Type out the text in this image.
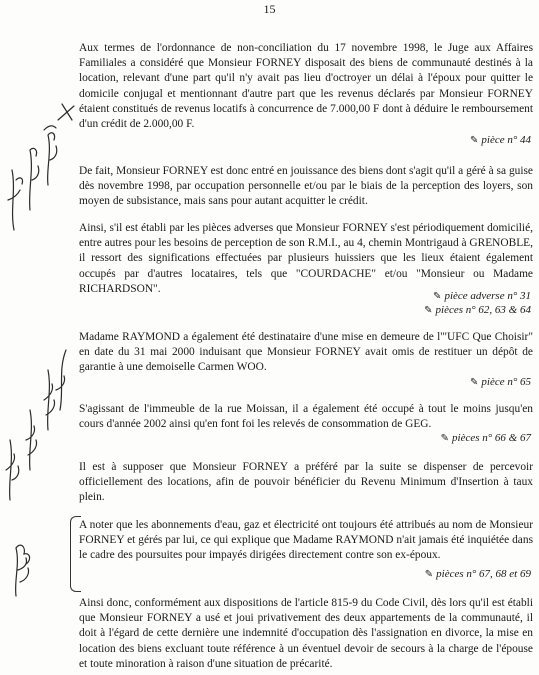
15
Aux termes de l'ordonnance de non-conciliation du 17 novembre 1998, le Juge aux Affaires Familiales a considéré que Monsieur FORNEY disposait des biens de communauté destinés à la location, relevant d'une part qu'il n'y avait pas lieu d'octroyer un délai à l'époux pour quitter le domicile conjugal et mentionnant d'autre part que les revenus déclarés par Monsieur FORNEY étaient constitués de revenus locatifs à concurrence de 7.000,00 F dont à déduire le remboursement d'un crédit de 2.000,00 F.
✎ pièce n° 44
De fait, Monsieur FORNEY est donc entré en jouissance des biens dont s'agit qu'il a géré à sa guise dès novembre 1998, par occupation personnelle et/ou par le biais de la perception des loyers, son moyen de subsistance, mais sans pour autant acquitter le crédit.
Ainsi, s'il est établi par les pièces adverses que Monsieur FORNEY s'est périodiquement domicilié, entre autres pour les besoins de perception de son R.M.I., au 4, chemin Montrigaud à GRENOBLE, il ressort des significations effectuées par plusieurs huissiers que les lieux étaient également occupés par d'autres locataires, tels que "COURDACHE" et/ou "Monsieur ou Madame RICHARDSON".
✎ pièce adverse n° 31
✎ pièces n° 62, 63 & 64
Madame RAYMOND a également été destinataire d'une mise en demeure de l'"UFC Que Choisir" en date du 31 mai 2000 induisant que Monsieur FORNEY avait omis de restituer un dépôt de garantie à une demoiselle Carmen WOO.
✎ pièce n° 65
S'agissant de l'immeuble de la rue Moissan, il a également été occupé à tout le moins jusqu'en cours d'année 2002 ainsi qu'en font foi les relevés de consommation de GEG.
✎ pièces n° 66 & 67
Il est à supposer que Monsieur FORNEY a préféré par la suite se dispenser de percevoir officiellement des locations, afin de pouvoir bénéficier du Revenu Minimum d'Insertion à taux plein.
A noter que les abonnements d'eau, gaz et électricité ont toujours été attribués au nom de Monsieur FORNEY et gérés par lui, ce qui explique que Madame RAYMOND n'ait jamais été inquiétée dans le cadre des poursuites pour impayés dirigées directement contre son ex-époux.
✎ pièces n° 67, 68 et 69
Ainsi donc, conformément aux dispositions de l'article 815-9 du Code Civil, dès lors qu'il est établi que Monsieur FORNEY a usé et joui privativement des deux appartements de la communauté, il doit à l'égard de cette dernière une indemnité d'occupation dès l'assignation en divorce, la mise en location des biens excluant toute référence à un éventuel devoir de secours à la charge de l'épouse et toute minoration à raison d'une situation de précarité.
